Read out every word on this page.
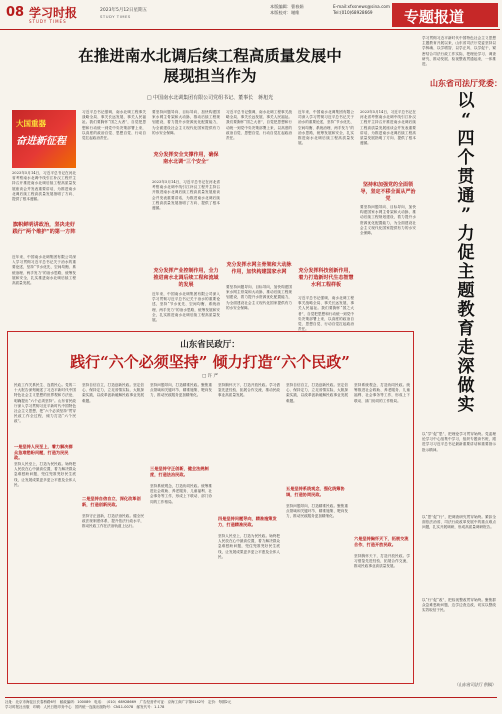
08 学习时报
STUDY TIMES
2023年5月12日星期五
STUDY TIMES
本版编辑：曹春娟
本版校对：谢维
E-mail:xfxsnews@sina.com
Tel:(010)68928669	专题报道
在推进南水北调后续工程高质量发展中
展现担当作为
□ 中国南水北调集团有限公司党组书记、董事长　蒋旭光
大国重器
奋进新征程
2023年5月14日，习近平总书记在河北省考察南水北调中线引江补汉工程并主持召开推进南水北调后续工程高质量发展座谈会并发表重要讲话，为推进南水北调后续工程高质量发展指明了方向、提供了根本遵循。
旗帜鲜明讲政治，坚决走好践行“两个维护”的第一方阵
近年来，中国南水北调集团有限公司深入学习贯彻习近平总书记关于治水的重要论述，坚持“节水优先、空间均衡、系统治理、两手发力”的治水思路，统筹发展和安全，扎实推进南水北调后续工程高质量发展。
习近平总书记强调，南水北调工程事关战略全局、事关长远发展、事关人民福祉。我们要胸怀“国之大者”，自觉把思想和行动统一到党中央决策部署上来，以高度的政治自觉、思想自觉、行动自觉扛起政治责任。
要坚持问题导向、目标导向，加快构建国家水网主骨架和大动脉，推动后续工程规划建设，着力提升水资源优化配置能力，为全面建设社会主义现代化国家提供有力的水安全保障。
充分发挥安全支撑作用，确保南水北调“三个安全”
2023年5月14日，习近平总书记在河北省考察南水北调中线引江补汉工程并主持召开推进南水北调后续工程高质量发展座谈会并发表重要讲话，为推进南水北调后续工程高质量发展指明了方向、提供了根本遵循。
充分发挥产业控制作用，全力推进南水北调后续工程和流域的发展
近年来，中国南水北调集团有限公司深入学习贯彻习近平总书记关于治水的重要论述，坚持“节水优先、空间均衡、系统治理、两手发力”的治水思路，统筹发展和安全，扎实推进南水北调后续工程高质量发展。
习近平总书记强调，南水北调工程事关战略全局、事关长远发展、事关人民福祉。我们要胸怀“国之大者”，自觉把思想和行动统一到党中央决策部署上来，以高度的政治自觉、思想自觉、行动自觉扛起政治责任。
充分发挥水网主骨架和大动脉作用，加快构建国家水网
要坚持问题导向、目标导向，加快构建国家水网主骨架和大动脉，推动后续工程规划建设，着力提升水资源优化配置能力，为全面建设社会主义现代化国家提供有力的水安全保障。
近年来，中国南水北调集团有限公司深入学习贯彻习近平总书记关于治水的重要论述，坚持“节水优先、空间均衡、系统治理、两手发力”的治水思路，统筹发展和安全，扎实推进南水北调后续工程高质量发展。
充分发挥科技创新作用，着力打造新时代生态智慧水利工程样板
习近平总书记强调，南水北调工程事关战略全局、事关长远发展、事关人民福祉。我们要胸怀“国之大者”，自觉把思想和行动统一到党中央决策部署上来，以高度的政治自觉、思想自觉、行动自觉扛起政治责任。
2023年5月14日，习近平总书记在河北省考察南水北调中线引江补汉工程并主持召开推进南水北调后续工程高质量发展座谈会并发表重要讲话，为推进南水北调后续工程高质量发展指明了方向、提供了根本遵循。
坚持和加强党的全面领导，坚定不移全面从严治党
要坚持问题导向、目标导向，加快构建国家水网主骨架和大动脉，推动后续工程规划建设，着力提升水资源优化配置能力，为全面建设社会主义现代化国家提供有力的水安全保障。
山东省司法厅党委：
以
“
四
个
贯
通
”
力
促
主
题
教
育
走
深
做
实
学习贯彻习近平新时代中国特色社会主义思想主题教育开展以来，山东省司法厅党委坚持以学铸魂、以学增智、以学正风、以学促干，紧密结合司法行政工作实际，把理论学习、调查研究、推动发展、检视整改贯通起来，一体推进。
以“学”促“思”，把理论学习贯穿始终。党委理论学习中心组集中学习，组织专题读书班，跟进学习习近平总书记最新重要讲话和重要指示批示精神。
以“思”促“行”，把调查研究贯穿始终。紧扣全面依法治省、司法行政改革发展中的重点难点问题，扎实开展调研，形成高质量调研报告。
以“行”促“改”，把检视整改贯穿始终。聚焦群众急难愁盼问题，边学边查边改，切实以整改实效取信于民。
（山东省司法厅 供稿）
山东省民政厅：
践行“六个必须坚持” 倾力打造“六个民政”
□ 许 严
民政工作关系民生、连着民心。党的二十大报告深刻阐述了习近平新时代中国特色社会主义思想的世界观和方法论，明确提出“六个必须坚持”。山东省民政厅深入学习贯彻习近平新时代中国特色社会主义思想，把“六个必须坚持”贯穿民政工作全过程，倾力打造“六个民政”。
一是坚持人民至上，着力解决群众急难愁盼问题，打造为民民政。
坚持人民至上，打造为民民政。始终把人民放在心中最高位置，着力解决群众急难愁盼问题，兜住兜准兜好民生底线，让发展成果更多更公平惠及全体人民。
坚持自信自立，打造创新民政。坚定信心、保持定力，立足省情实际，大胆探索实践，以改革创新破解民政事业发展难题。
二是坚持自信自立，深化改革创新，打造创新民政。
坚持守正创新，打造法治民政。健全民政法规制度体系，提升依法行政水平，推动民政工作在法治轨道上运行。
坚持问题导向，打造精准民政。聚焦重点领域和关键环节，精准施策、靶向发力，推动民政服务更加精细化。
三是坚持守正创新，健全法规制度，打造法治民政。
坚持系统观念，打造协同民政。统筹推进社会救助、养老服务、儿童福利、社会事务等工作，形成上下联动、部门协同的工作格局。
坚持胸怀天下，打造开放民政。学习借鉴先进经验，拓展合作交流，推动民政事业高质量发展。
四是坚持问题导向，精准施策发力，打造精准民政。
坚持人民至上，打造为民民政。始终把人民放在心中最高位置，着力解决群众急难愁盼问题，兜住兜准兜好民生底线，让发展成果更多更公平惠及全体人民。
坚持自信自立，打造创新民政。坚定信心、保持定力，立足省情实际，大胆探索实践，以改革创新破解民政事业发展难题。
五是坚持系统观念，强化统筹协调，打造协同民政。
坚持问题导向，打造精准民政。聚焦重点领域和关键环节，精准施策、靶向发力，推动民政服务更加精细化。
坚持系统观念，打造协同民政。统筹推进社会救助、养老服务、儿童福利、社会事务等工作，形成上下联动、部门协同的工作格局。
六是坚持胸怀天下，拓展交流合作，打造开放民政。
坚持胸怀天下，打造开放民政。学习借鉴先进经验，拓展合作交流，推动民政事业高质量发展。
社址：北京市海淀区长春桥路6号　邮政编码：100089　电话：（010）68928669　广告经营许可证：京海工商广字第0142号　定价：每期2元
学习时报社出版　印刷：人民日报印务中心　国内统一连续出版物号：CN11-0078　邮发代号：1-178
